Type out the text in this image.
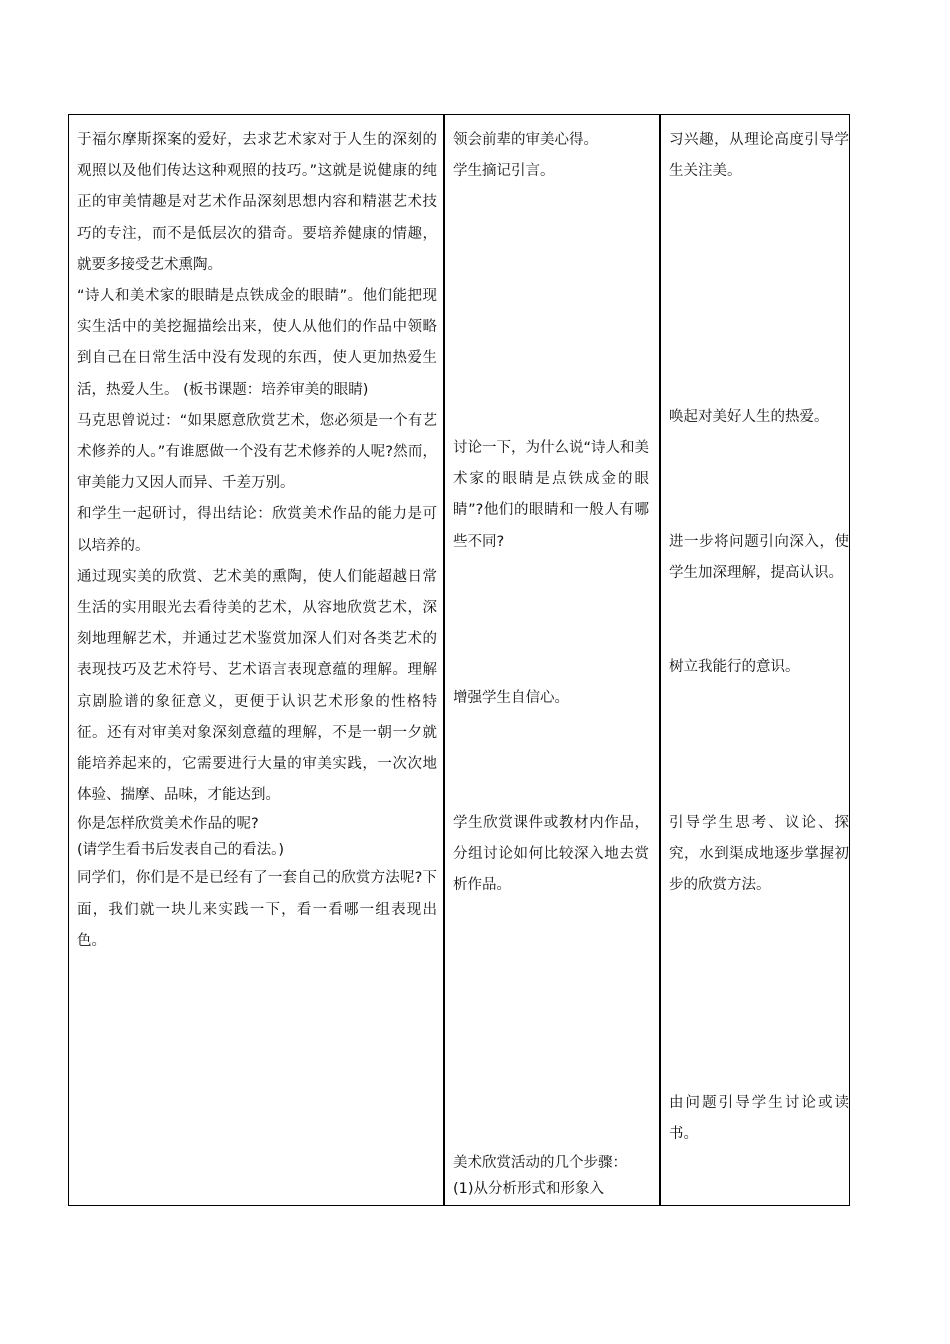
于福尔摩斯探案的爱好，去求艺术家对于人生的深刻的观照以及他们传达这种观照的技巧。”这就是说健康的纯正的审美情趣是对艺术作品深刻思想内容和精湛艺术技巧的专注，而不是低层次的猎奇。要培养健康的情趣，就要多接受艺术熏陶。

“诗人和美术家的眼睛是点铁成金的眼睛”。他们能把现实生活中的美挖掘描绘出来，使人从他们的作品中领略到自己在日常生活中没有发现的东西，使人更加热爱生活，热爱人生。 (板书课题：培养审美的眼睛)

马克思曾说过：“如果愿意欣赏艺术，您必须是一个有艺术修养的人。”有谁愿做一个没有艺术修养的人呢?然而，审美能力又因人而异、千差万别。

和学生一起研讨，得出结论：欣赏美术作品的能力是可以培养的。

通过现实美的欣赏、艺术美的熏陶，使人们能超越日常生活的实用眼光去看待美的艺术，从容地欣赏艺术，深刻地理解艺术，并通过艺术鉴赏加深人们对各类艺术的表现技巧及艺术符号、艺术语言表现意蕴的理解。理解京剧脸谱的象征意义，更便于认识艺术形象的性格特征。还有对审美对象深刻意蕴的理解，不是一朝一夕就能培养起来的，它需要进行大量的审美实践，一次次地体验、揣摩、品味，才能达到。

你是怎样欣赏美术作品的呢?

(请学生看书后发表自己的看法。)

同学们，你们是不是已经有了一套自己的欣赏方法呢?下面，我们就一块儿来实践一下，看一看哪一组表现出色。

领会前辈的审美心得。

学生摘记引言。

讨论一下，为什么说“诗人和美术家的眼睛是点铁成金的眼睛”?他们的眼睛和一般人有哪些不同?

增强学生自信心。

学生欣赏课件或教材内作品，分组讨论如何比较深入地去赏析作品。

美术欣赏活动的几个步骤：

(1)从分析形式和形象入

习兴趣，从理论高度引导学生关注美。

唤起对美好人生的热爱。

进一步将问题引向深入，使学生加深理解，提高认识。

树立我能行的意识。

引导学生思考、议论、探究，水到渠成地逐步掌握初步的欣赏方法。

由问题引导学生讨论或读书。
